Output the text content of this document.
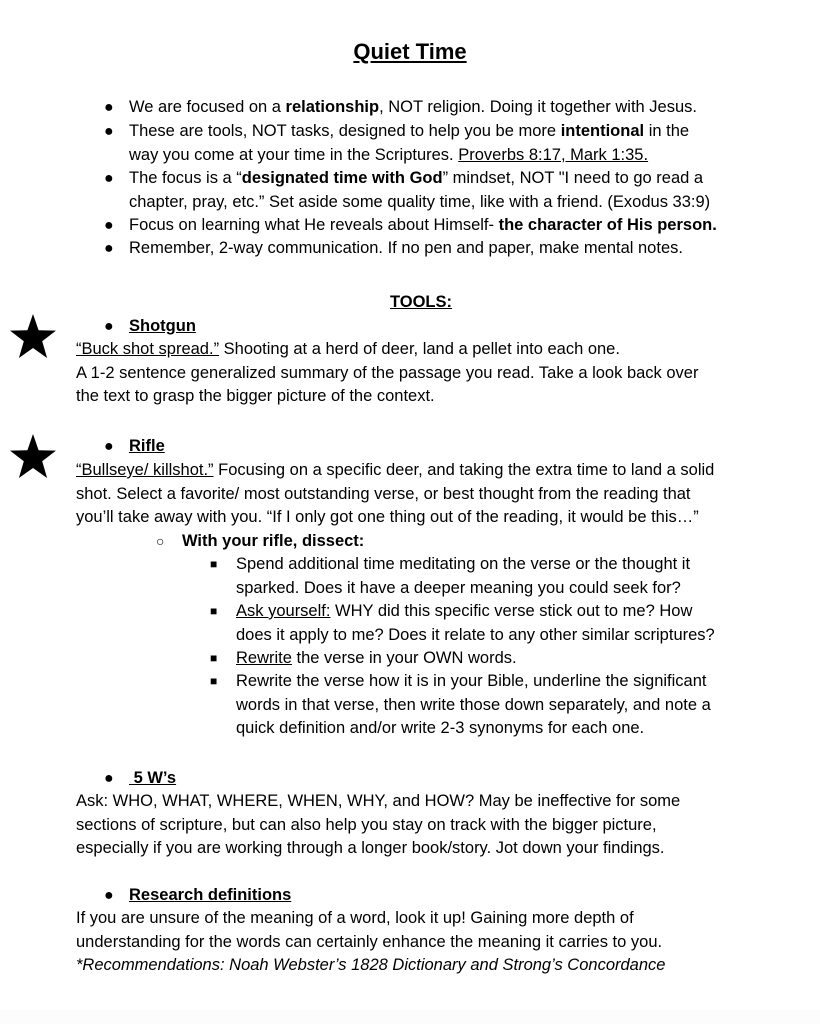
Quiet Time
● We are focused on a relationship, NOT religion. Doing it together with Jesus.
● These are tools, NOT tasks, designed to help you be more intentional in the
way you come at your time in the Scriptures. Proverbs 8:17, Mark 1:35.
● The focus is a “designated time with God” mindset, NOT "I need to go read a
chapter, pray, etc.” Set aside some quality time, like with a friend. (Exodus 33:9)
● Focus on learning what He reveals about Himself- the character of His person.
● Remember, 2-way communication. If no pen and paper, make mental notes.
TOOLS:
● Shotgun
“Buck shot spread.” Shooting at a herd of deer, land a pellet into each one.
A 1-2 sentence generalized summary of the passage you read. Take a look back over
the text to grasp the bigger picture of the context.
● Rifle
“Bullseye/ killshot.” Focusing on a specific deer, and taking the extra time to land a solid
shot. Select a favorite/ most outstanding verse, or best thought from the reading that
you’ll take away with you. “If I only got one thing out of the reading, it would be this…”
○ With your rifle, dissect:
■ Spend additional time meditating on the verse or the thought it
sparked. Does it have a deeper meaning you could seek for?
■ Ask yourself: WHY did this specific verse stick out to me? How
does it apply to me? Does it relate to any other similar scriptures?
■ Rewrite the verse in your OWN words.
■ Rewrite the verse how it is in your Bible, underline the significant
words in that verse, then write those down separately, and note a
quick definition and/or write 2-3 synonyms for each one.
● 5 W’s
Ask: WHO, WHAT, WHERE, WHEN, WHY, and HOW? May be ineffective for some
sections of scripture, but can also help you stay on track with the bigger picture,
especially if you are working through a longer book/story. Jot down your findings.
● Research definitions
If you are unsure of the meaning of a word, look it up! Gaining more depth of
understanding for the words can certainly enhance the meaning it carries to you.
*Recommendations: Noah Webster’s 1828 Dictionary and Strong’s Concordance
